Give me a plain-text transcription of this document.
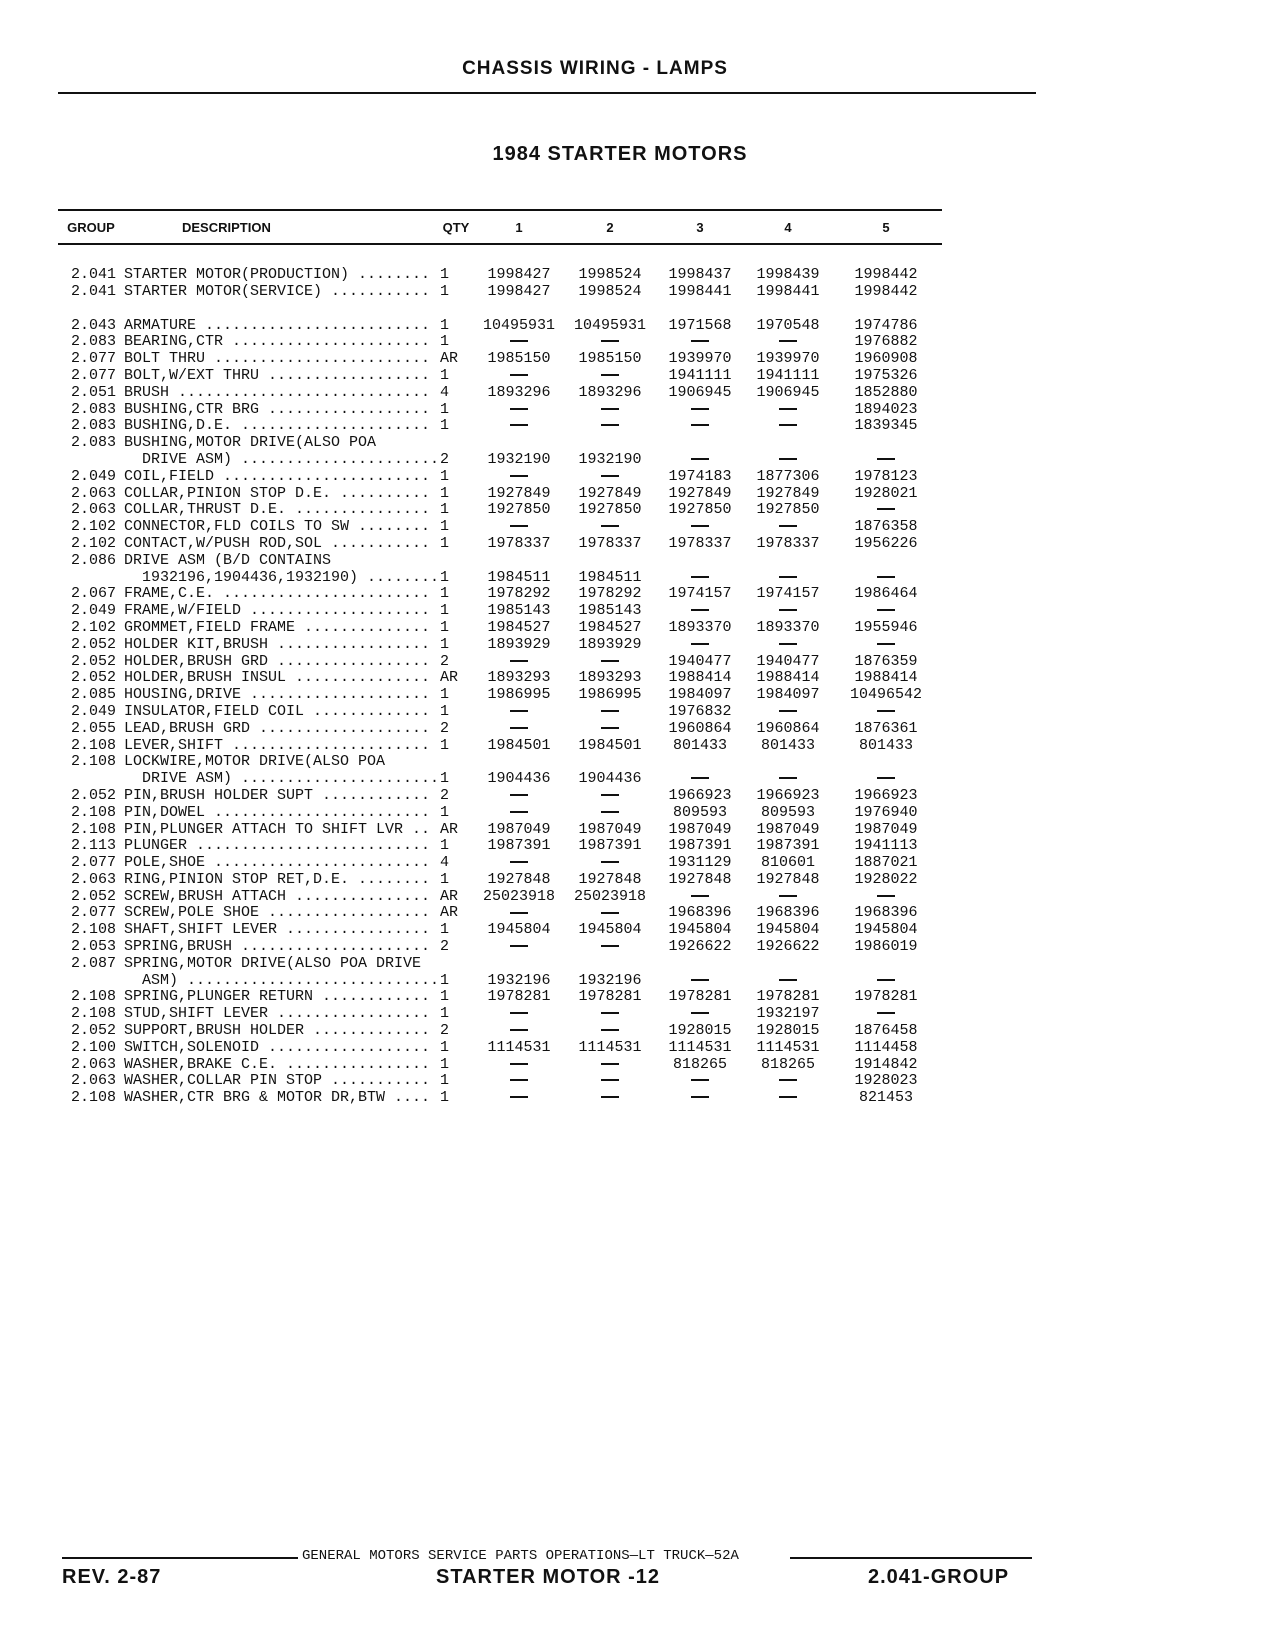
CHASSIS WIRING - LAMPS
1984 STARTER MOTORS
GROUP	DESCRIPTION	QTY	1	2	3	4	5

2.041	STARTER MOTOR(PRODUCTION) ........	1	1998427	1998524	1998437	1998439	1998442
2.041	STARTER MOTOR(SERVICE) ...........	1	1998427	1998524	1998441	1998441	1998442

2.043	ARMATURE .........................	1	10495931	10495931	1971568	1970548	1974786
2.083	BEARING,CTR ......................	1					1976882
2.077	BOLT THRU ........................	AR	1985150	1985150	1939970	1939970	1960908
2.077	BOLT,W/EXT THRU ..................	1			1941111	1941111	1975326
2.051	BRUSH ............................	4	1893296	1893296	1906945	1906945	1852880
2.083	BUSHING,CTR BRG ..................	1					1894023
2.083	BUSHING,D.E. .....................	1					1839345
2.083	BUSHING,MOTOR DRIVE(ALSO POA						
	DRIVE ASM) ......................	2	1932190	1932190			
2.049	COIL,FIELD .......................	1			1974183	1877306	1978123
2.063	COLLAR,PINION STOP D.E. ..........	1	1927849	1927849	1927849	1927849	1928021
2.063	COLLAR,THRUST D.E. ...............	1	1927850	1927850	1927850	1927850	
2.102	CONNECTOR,FLD COILS TO SW ........	1					1876358
2.102	CONTACT,W/PUSH ROD,SOL ...........	1	1978337	1978337	1978337	1978337	1956226
2.086	DRIVE ASM (B/D CONTAINS						
	1932196,1904436,1932190) ........	1	1984511	1984511			
2.067	FRAME,C.E. .......................	1	1978292	1978292	1974157	1974157	1986464
2.049	FRAME,W/FIELD ....................	1	1985143	1985143			
2.102	GROMMET,FIELD FRAME ..............	1	1984527	1984527	1893370	1893370	1955946
2.052	HOLDER KIT,BRUSH .................	1	1893929	1893929			
2.052	HOLDER,BRUSH GRD .................	2			1940477	1940477	1876359
2.052	HOLDER,BRUSH INSUL ...............	AR	1893293	1893293	1988414	1988414	1988414
2.085	HOUSING,DRIVE ....................	1	1986995	1986995	1984097	1984097	10496542
2.049	INSULATOR,FIELD COIL .............	1			1976832		
2.055	LEAD,BRUSH GRD ...................	2			1960864	1960864	1876361
2.108	LEVER,SHIFT ......................	1	1984501	1984501	801433	801433	801433
2.108	LOCKWIRE,MOTOR DRIVE(ALSO POA						
	DRIVE ASM) ......................	1	1904436	1904436			
2.052	PIN,BRUSH HOLDER SUPT ............	2			1966923	1966923	1966923
2.108	PIN,DOWEL ........................	1			809593	809593	1976940
2.108	PIN,PLUNGER ATTACH TO SHIFT LVR ..	AR	1987049	1987049	1987049	1987049	1987049
2.113	PLUNGER ..........................	1	1987391	1987391	1987391	1987391	1941113
2.077	POLE,SHOE ........................	4			1931129	810601	1887021
2.063	RING,PINION STOP RET,D.E. ........	1	1927848	1927848	1927848	1927848	1928022
2.052	SCREW,BRUSH ATTACH ...............	AR	25023918	25023918			
2.077	SCREW,POLE SHOE ..................	AR			1968396	1968396	1968396
2.108	SHAFT,SHIFT LEVER ................	1	1945804	1945804	1945804	1945804	1945804
2.053	SPRING,BRUSH .....................	2			1926622	1926622	1986019
2.087	SPRING,MOTOR DRIVE(ALSO POA DRIVE						
	ASM) ............................	1	1932196	1932196			
2.108	SPRING,PLUNGER RETURN ............	1	1978281	1978281	1978281	1978281	1978281
2.108	STUD,SHIFT LEVER .................	1				1932197	
2.052	SUPPORT,BRUSH HOLDER .............	2			1928015	1928015	1876458
2.100	SWITCH,SOLENOID ..................	1	1114531	1114531	1114531	1114531	1114458
2.063	WASHER,BRAKE C.E. ................	1			818265	818265	1914842
2.063	WASHER,COLLAR PIN STOP ...........	1					1928023
2.108	WASHER,CTR BRG & MOTOR DR,BTW ....	1					821453
GENERAL MOTORS SERVICE PARTS OPERATIONS—LT TRUCK—52A
REV. 2-87	STARTER MOTOR -12	2.041-GROUP
